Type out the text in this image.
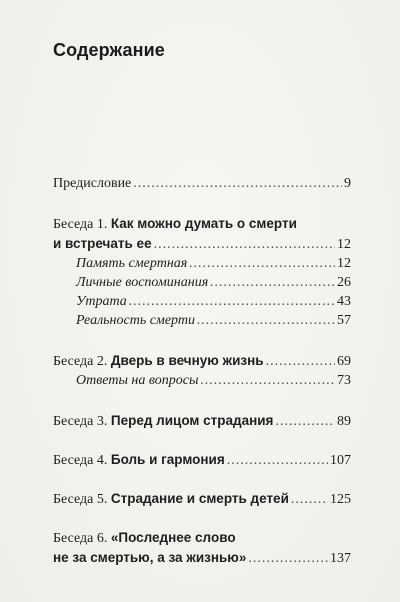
Содержание
Предисловие .....	9
Беседа 1. Как можно думать о смерти
и встречать ее .....	12
Память смертная .....	12
Личные воспоминания .....	26
Утрата .....	43
Реальность смерти .....	57
Беседа 2. Дверь в вечную жизнь .....	69
Ответы на вопросы .....	73
Беседа 3. Перед лицом страдания .....	89
Беседа 4. Боль и гармония .....	107
Беседа 5. Страдание и смерть детей .....	125
Беседа 6. «Последнее слово
не за смертью, а за жизнью» .....	137
